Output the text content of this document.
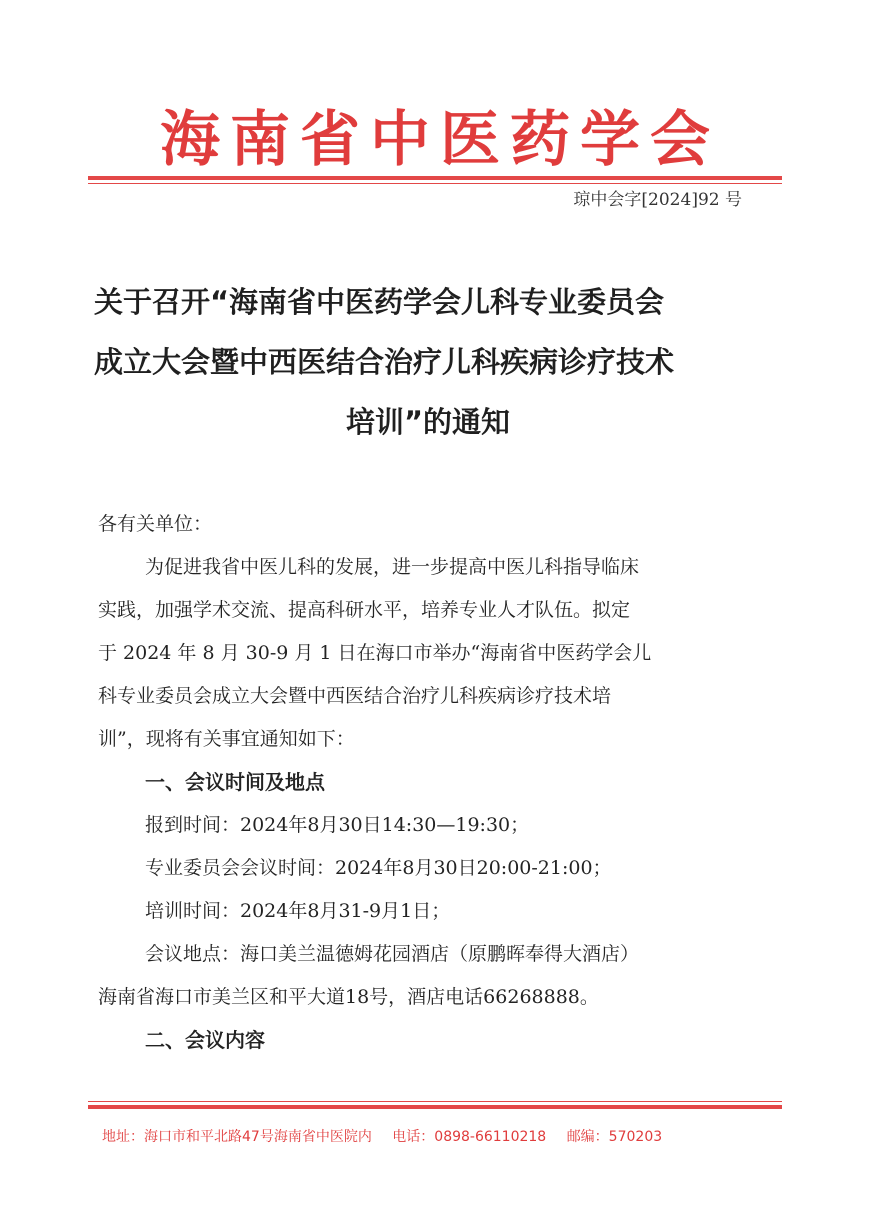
海南省中医药学会
琼中会字[2024]92 号
关于召开“海南省中医药学会儿科专业委员会
成立大会暨中西医结合治疗儿科疾病诊疗技术
培训”的通知
各有关单位：
为促进我省中医儿科的发展，进一步提高中医儿科指导临床
实践，加强学术交流、提高科研水平，培养专业人才队伍。拟定
于 2024 年 8 月 30-9 月 1 日在海口市举办“海南省中医药学会儿
科专业委员会成立大会暨中西医结合治疗儿科疾病诊疗技术培
训”，现将有关事宜通知如下：
一、会议时间及地点
报到时间：2024年8月30日14:30—19:30；
专业委员会会议时间：2024年8月30日20:00-21:00；
培训时间：2024年8月31-9月1日；
会议地点：海口美兰温德姆花园酒店（原鹏晖奉得大酒店）
海南省海口市美兰区和平大道18号，酒店电话66268888。
二、会议内容
地址：海口市和平北路47号海南省中医院内 电话：0898-66110218 邮编：570203
